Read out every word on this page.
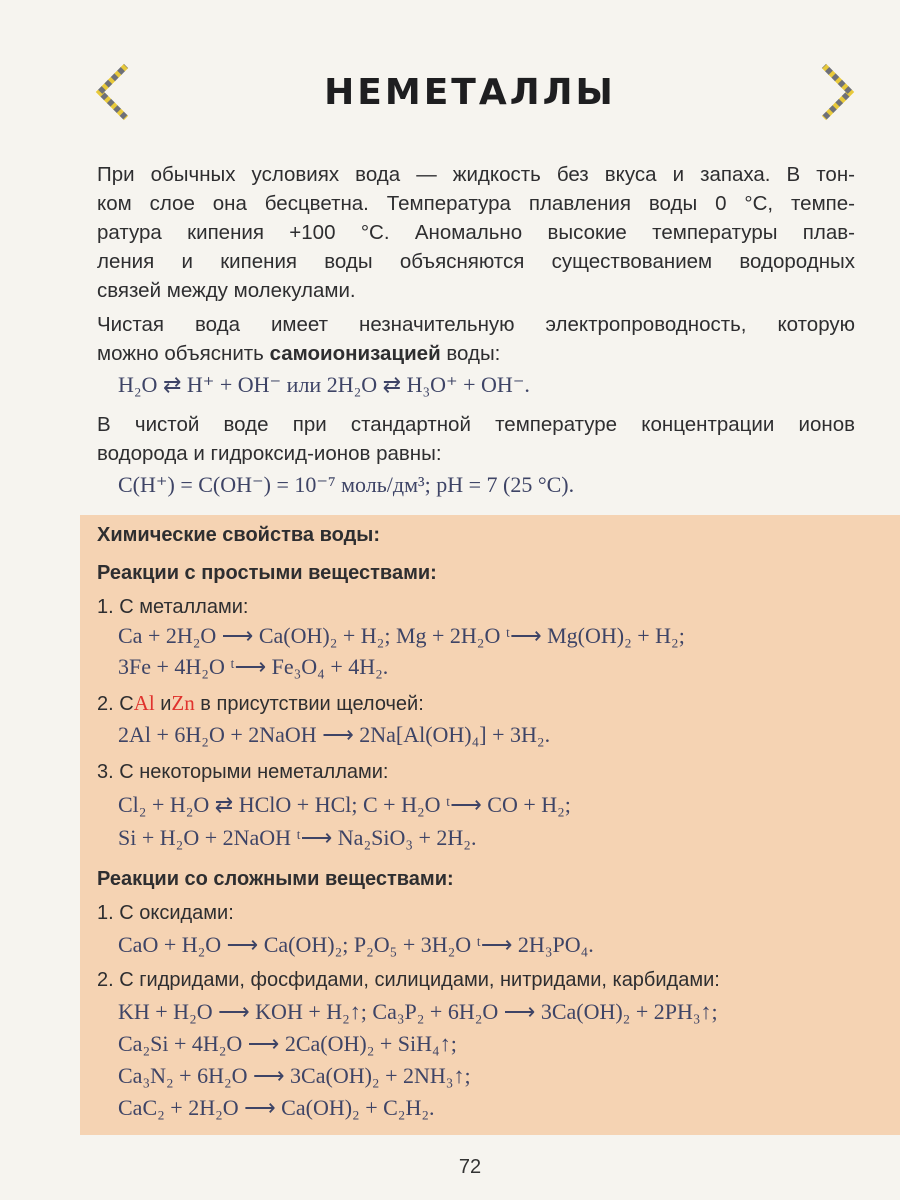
НЕМЕТАЛЛЫ
При обычных условиях вода — жидкость без вкуса и запаха. В тон-
ком слое она бесцветна. Температура плавления воды 0 °С, темпе-
ратура кипения +100 °С. Аномально высокие температуры плав-
ления и кипения воды объясняются существованием водородных
связей между молекулами.
Чистая вода имеет незначительную электропроводность, которую
можно объяснить самоионизацией воды:
H₂O ⇄ H⁺ + OH⁻ или 2H₂O ⇄ H₃O⁺ + OH⁻.
В чистой воде при стандартной температуре концентрации ионов
водорода и гидроксид-ионов равны:
C(H⁺) = C(OH⁻) = 10⁻⁷ моль/дм³; pH = 7 (25 °C).
Химические свойства воды:
Реакции с простыми веществами:
1. С металлами:
Ca + 2H₂O ⟶ Ca(OH)₂ + H₂; Mg + 2H₂O ᵗ⟶ Mg(OH)₂ + H₂;
3Fe + 4H₂O ᵗ⟶ Fe₃O₄ + 4H₂.
2. СAl иZn в присутствии щелочей:
2Al + 6H₂O + 2NaOH ⟶ 2Na[Al(OH)₄] + 3H₂.
3. С некоторыми неметаллами:
Cl₂ + H₂O ⇄ HClO + HCl; C + H₂O ᵗ⟶ CO + H₂;
Si + H₂O + 2NaOH ᵗ⟶ Na₂SiO₃ + 2H₂.
Реакции со сложными веществами:
1. С оксидами:
CaO + H₂O ⟶ Ca(OH)₂; P₂O₅ + 3H₂O ᵗ⟶ 2H₃PO₄.
2. С гидридами, фосфидами, силицидами, нитридами, карбидами:
KH + H₂O ⟶ KOH + H₂↑; Ca₃P₂ + 6H₂O ⟶ 3Ca(OH)₂ + 2PH₃↑;
Ca₂Si + 4H₂O ⟶ 2Ca(OH)₂ + SiH₄↑;
Ca₃N₂ + 6H₂O ⟶ 3Ca(OH)₂ + 2NH₃↑;
CaC₂ + 2H₂O ⟶ Ca(OH)₂ + C₂H₂.
72
